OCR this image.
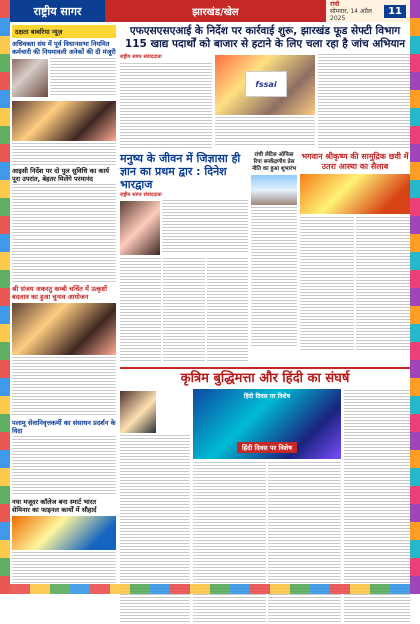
राष्ट्रीय सागर	झारखंड/खेल
रांची
सोमवार, 14 अप्रैल 2025
11
दक्षता बाबरिया न्यूज़
अधिवक्ता संघ में पूर्व विधानसभा नियमित कर्मचारी की नियमावली अनेकों की दी मंजूरी
आइसी निर्देश पर दो पुल सुविधि का कार्य पूरा उपरांत, बेहतर मिलेंगे परमानंद
श्री संजय अकरतु कम्बी चर्चित में उत्कृष्टों बदलाव का हुआ चुनाव आयोजन
पलामू सेवानिवृत्तकर्मी का संसाधन प्रदर्शन के विदा
नया मजूदर कॉलेज बना स्मार्ट भारत सेमिनार का फाइनल कार्यों में सौहार्द
एफएसएसएआई के निर्देश पर कार्रवाई शुरू, झारखंड फूड सेफ्टी विभाग 115 खाद्य पदार्थों को बाजार से हटाने के लिए चला रहा है जांच अभियान
राष्ट्रीय सागर संवाददाता
fssai
मनुष्य के जीवन में जिज्ञासा ही ज्ञान का प्रथम द्वार : दिनेश भारद्वाज
राष्ट्रीय सागर संवाददाता
रांची लेटिस ऑफिस रिपा बनकेंद्रणीय प्रेस नीति का हुआ शुभारंभ
भगवान श्रीकृष्ण की सामुद्रिक छवी में उतरा आस्था का सैलाब
कृत्रिम बुद्धिमत्ता और हिंदी का संघर्ष
हिंदी दिवस पर विशेष
हिंदी दिवस पर विशेष
